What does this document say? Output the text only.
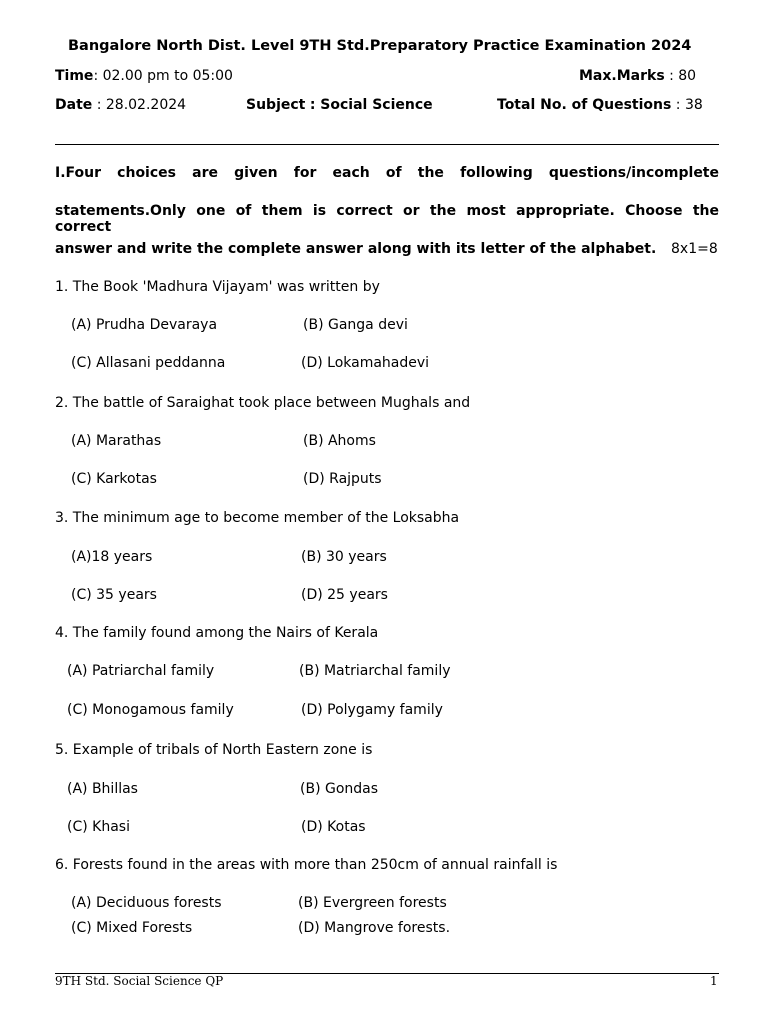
Bangalore North Dist. Level 9TH Std.Preparatory Practice Examination 2024
Time: 02.00 pm to 05:00	Max.Marks : 80
Date : 28.02.2024	Subject : Social Science	Total No. of Questions : 38
I.Four choices are given for each of the following questions/incomplete
statements.Only one of them is correct or the most appropriate. Choose the correct
answer and write the complete answer along with its letter of the alphabet. 8x1=8
1. The Book 'Madhura Vijayam' was written by
(A) Prudha Devaraya	(B) Ganga devi
(C) Allasani peddanna	(D) Lokamahadevi
2. The battle of Saraighat took place between Mughals and
(A) Marathas	(B) Ahoms
(C) Karkotas	(D) Rajputs
3. The minimum age to become member of the Loksabha
(A)18 years	(B) 30 years
(C) 35 years	(D) 25 years
4. The family found among the Nairs of Kerala
(A) Patriarchal family	(B) Matriarchal family
(C) Monogamous family	(D) Polygamy family
5. Example of tribals of North Eastern zone is
(A) Bhillas	(B) Gondas
(C) Khasi	(D) Kotas
6. Forests found in the areas with more than 250cm of annual rainfall is
(A) Deciduous forests	(B) Evergreen forests
(C) Mixed Forests	(D) Mangrove forests.
9TH Std. Social Science QP	1
